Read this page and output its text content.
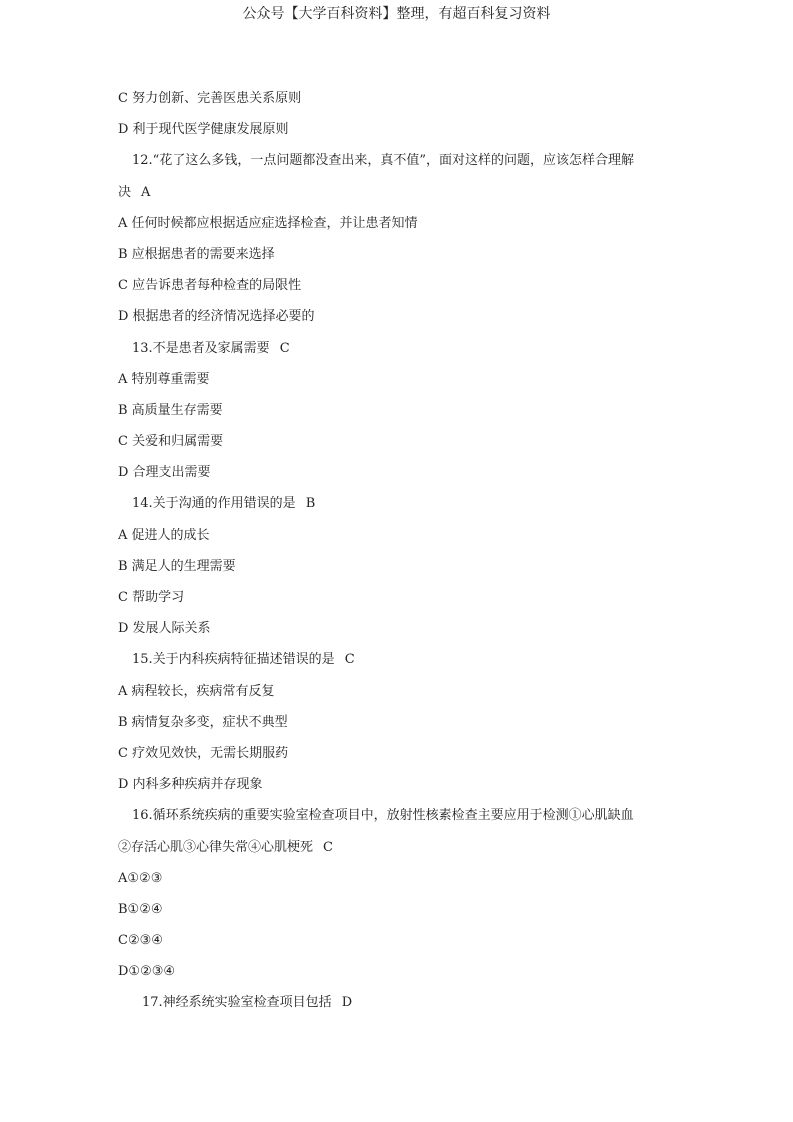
公众号【大学百科资料】整理，有超百科复习资料
C 努力创新、完善医患关系原则
D 利于现代医学健康发展原则
12.“花了这么多钱，一点问题都没查出来，真不值”，面对这样的问题，应该怎样合理解
决 A
A 任何时候都应根据适应症选择检查，并让患者知情
B 应根据患者的需要来选择
C 应告诉患者每种检查的局限性
D 根据患者的经济情况选择必要的
13.不是患者及家属需要 C
A 特别尊重需要
B 高质量生存需要
C 关爱和归属需要
D 合理支出需要
14.关于沟通的作用错误的是 B
A 促进人的成长
B 满足人的生理需要
C 帮助学习
D 发展人际关系
15.关于内科疾病特征描述错误的是 C
A 病程较长，疾病常有反复
B 病情复杂多变，症状不典型
C 疗效见效快，无需长期服药
D 内科多种疾病并存现象
16.循环系统疾病的重要实验室检查项目中，放射性核素检查主要应用于检测①心肌缺血
②存活心肌③心律失常④心肌梗死 C
A①②③
B①②④
C②③④
D①②③④
17.神经系统实验室检查项目包括 D
